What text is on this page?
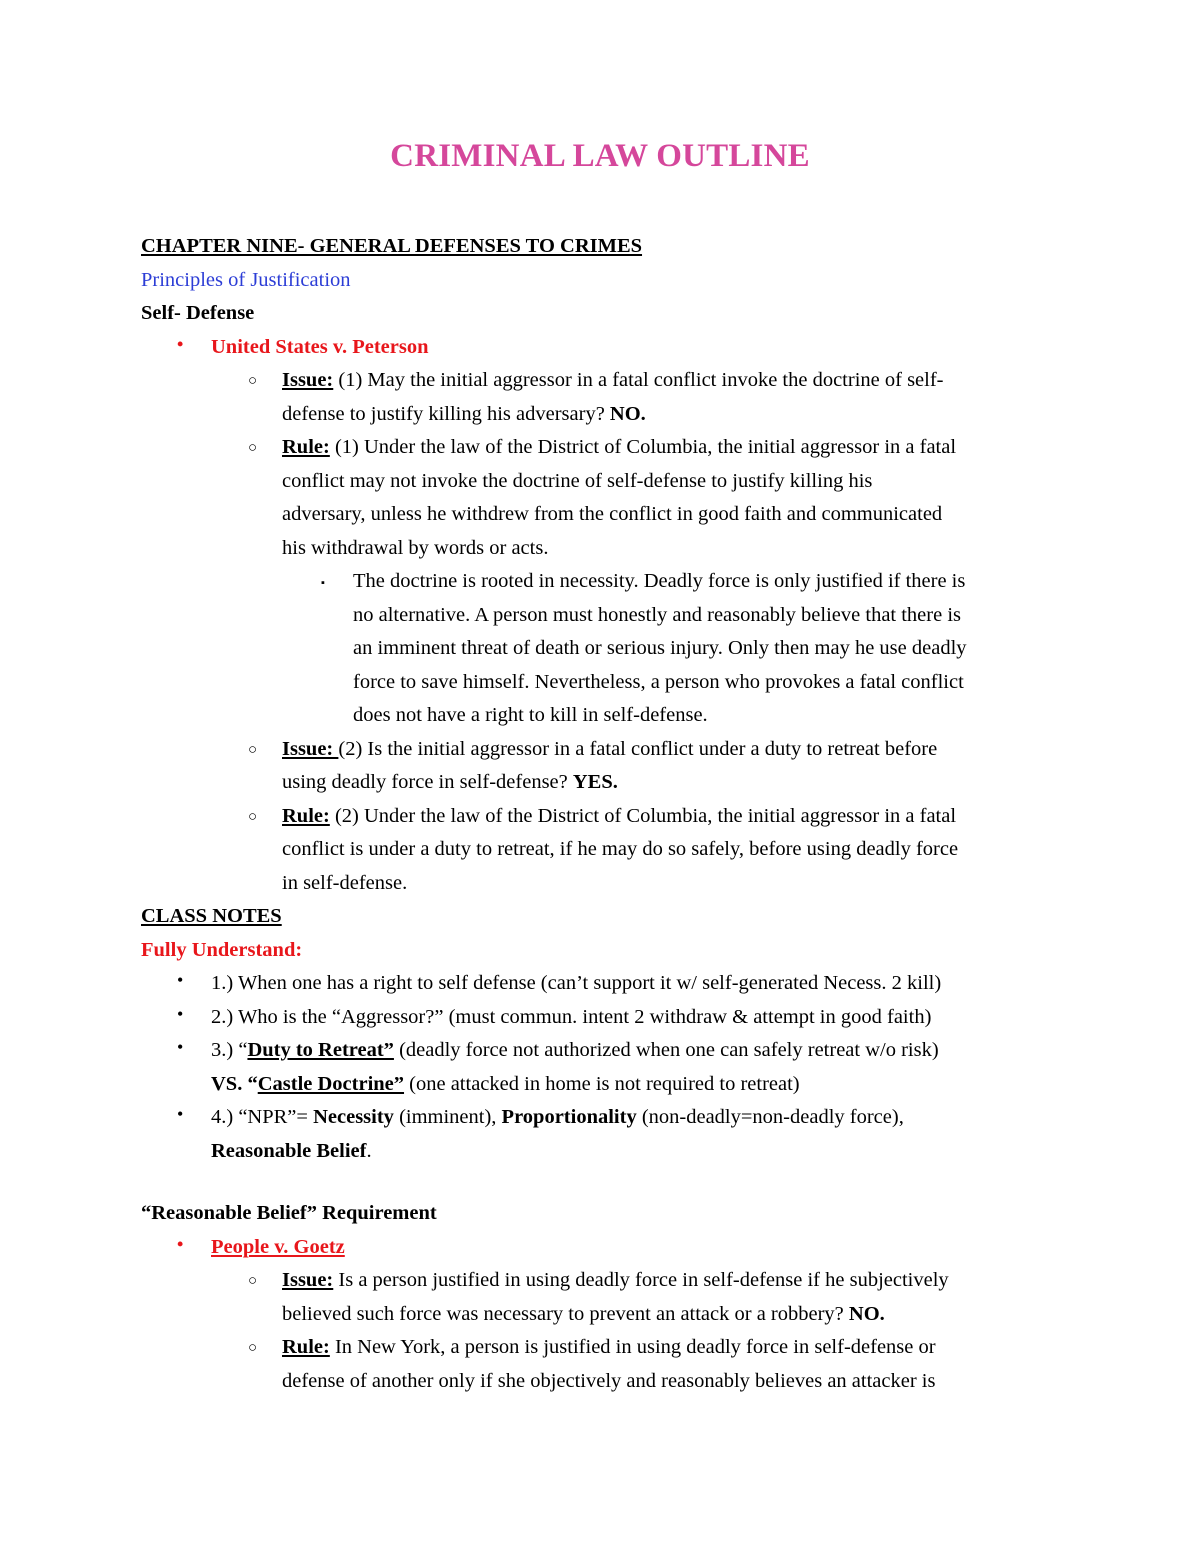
CRIMINAL LAW OUTLINE
CHAPTER NINE- GENERAL DEFENSES TO CRIMES
Principles of Justification
Self- Defense
• United States v. Peterson
○ Issue: (1) May the initial aggressor in a fatal conflict invoke the doctrine of self-
defense to justify killing his adversary? NO.
○ Rule: (1) Under the law of the District of Columbia, the initial aggressor in a fatal
conflict may not invoke the doctrine of self-defense to justify killing his
adversary, unless he withdrew from the conflict in good faith and communicated
his withdrawal by words or acts.
▪ The doctrine is rooted in necessity. Deadly force is only justified if there is
no alternative. A person must honestly and reasonably believe that there is
an imminent threat of death or serious injury. Only then may he use deadly
force to save himself. Nevertheless, a person who provokes a fatal conflict
does not have a right to kill in self-defense.
○ Issue: (2) Is the initial aggressor in a fatal conflict under a duty to retreat before
using deadly force in self-defense? YES.
○ Rule: (2) Under the law of the District of Columbia, the initial aggressor in a fatal
conflict is under a duty to retreat, if he may do so safely, before using deadly force
in self-defense.
CLASS NOTES
Fully Understand:
• 1.) When one has a right to self defense (can’t support it w/ self-generated Necess. 2 kill)
• 2.) Who is the “Aggressor?” (must commun. intent 2 withdraw & attempt in good faith)
• 3.) “Duty to Retreat” (deadly force not authorized when one can safely retreat w/o risk)
VS. “Castle Doctrine” (one attacked in home is not required to retreat)
• 4.) “NPR”= Necessity (imminent), Proportionality (non-deadly=non-deadly force),
Reasonable Belief.
“Reasonable Belief” Requirement
• People v. Goetz
○ Issue: Is a person justified in using deadly force in self-defense if he subjectively
believed such force was necessary to prevent an attack or a robbery? NO.
○ Rule: In New York, a person is justified in using deadly force in self-defense or
defense of another only if she objectively and reasonably believes an attacker is
